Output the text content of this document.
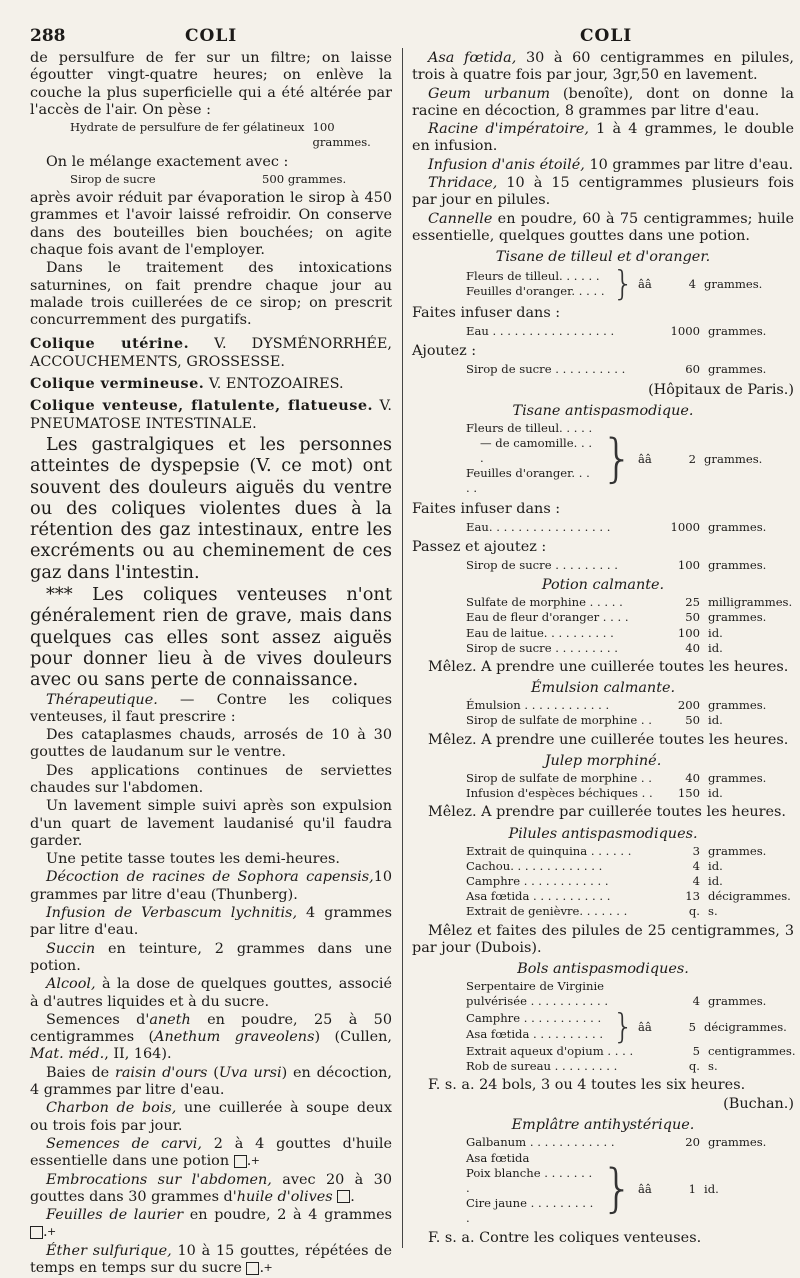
288	COLI	COLI

de persulfure de fer sur un filtre; on laisse égoutter vingt-quatre heures; on enlève la couche la plus superficielle qui a été altérée par l'accès de l'air. On pèse :

Hydrate de persulfure de fer gélatineux 100 grammes.

On le mélange exactement avec :

Sirop de sucre	500 grammes.

après avoir réduit par évaporation le sirop à 450 grammes et l'avoir laissé refroidir. On conserve dans des bouteilles bien bouchées; on agite chaque fois avant de l'employer.

Dans le traitement des intoxications saturnines, on fait prendre chaque jour au malade trois cuillerées de ce sirop; on prescrit concurremment des purgatifs.

Colique utérine. V. DYSMÉNORRHÉE, ACCOUCHEMENTS, GROSSESSE.

Colique vermineuse. V. ENTOZOAIRES.

Colique venteuse, flatulente, flatueuse. V. PNEUMATOSE INTESTINALE.

Les gastralgiques et les personnes atteintes de dyspepsie (V. ce mot) ont souvent des douleurs aiguës du ventre ou des coliques violentes dues à la rétention des gaz intestinaux, entre les excréments ou au cheminement de ces gaz dans l'intestin.

*** Les coliques venteuses n'ont généralement rien de grave, mais dans quelques cas elles sont assez aiguës pour donner lieu à de vives douleurs avec ou sans perte de connaissance.

Thérapeutique. — Contre les coliques venteuses, il faut prescrire :

Des cataplasmes chauds, arrosés de 10 à 30 gouttes de laudanum sur le ventre.

Des applications continues de serviettes chaudes sur l'abdomen.

Un lavement simple suivi après son expulsion d'un quart de lavement laudanisé qu'il faudra garder.

Une petite tasse toutes les demi-heures.

Décoction de racines de Sophora capensis,10 grammes par litre d'eau (Thunberg).

Infusion de Verbascum lychnitis, 4 grammes par litre d'eau.

Succin en teinture, 2 grammes dans une potion.

Alcool, à la dose de quelques gouttes, associé à d'autres liquides et à du sucre.

Semences d'aneth en poudre, 25 à 50 centigrammes (Anethum graveolens) (Cullen, Mat. méd., II, 164).

Baies de raisin d'ours (Uva ursi) en décoction, 4 grammes par litre d'eau.

Charbon de bois, une cuillerée à soupe deux ou trois fois par jour.

Semences de carvi, 2 à 4 gouttes d'huile essentielle dans une potion +.

Embrocations sur l'abdomen, avec 20 à 30 gouttes dans 30 grammes d'huile d'olives .

Feuilles de laurier en poudre, 2 à 4 grammes +.

Éther sulfurique, 10 à 15 gouttes, répétées de temps en temps sur du sucre +.

Asa fœtida, 30 à 60 centigrammes en pilules, trois à quatre fois par jour, 3gr,50 en lavement.

Geum urbanum (benoîte), dont on donne la racine en décoction, 8 grammes par litre d'eau.

Racine d'impératoire, 1 à 4 grammes, le double en infusion.

Infusion d'anis étoilé, 10 grammes par litre d'eau.

Thridace, 10 à 15 centigrammes plusieurs fois par jour en pilules.

Cannelle en poudre, 60 à 75 centigrammes; huile essentielle, quelques gouttes dans une potion.

Tisane de tilleul et d'oranger.
Fleurs de tilleul. . . . . .
Feuilles d'oranger. . . . . } ââ	4 grammes.
Faites infuser dans :
Eau . . . . . . . . . . . . . . . . .	1000 grammes.
Ajoutez :
Sirop de sucre . . . . . . . . . .	60 grammes.
(Hôpitaux de Paris.)
Tisane antispasmodique.
Fleurs de tilleul. . . . .
— de camomille. . . .
Feuilles d'oranger. . . . .	} ââ	2 grammes.
Faites infuser dans :
Eau. . . . . . . . . . . . . . . . .	1000 grammes.
Passez et ajoutez :
Sirop de sucre . . . . . . . . .	100 grammes.
Potion calmante.
Sulfate de morphine . . . . .	25 milligrammes.
Eau de fleur d'oranger . . . .	50 grammes.
Eau de laitue. . . . . . . . . .	100 id.
Sirop de sucre . . . . . . . . .	40 id.

Mêlez. A prendre une cuillerée toutes les heures.

Émulsion calmante.
Émulsion . . . . . . . . . . . .	200 grammes.
Sirop de sulfate de morphine . .	50 id.

Mêlez. A prendre une cuillerée toutes les heures.

Julep morphiné.
Sirop de sulfate de morphine . .	40 grammes.
Infusion d'espèces béchiques . .	150 id.

Mêlez. A prendre par cuillerée toutes les heures.

Pilules antispasmodiques.
Extrait de quinquina . . . . . .	3 grammes.
Cachou. . . . . . . . . . . . .	4 id.
Camphre . . . . . . . . . . . .	4 id.
Asa fœtida . . . . . . . . . . .	13 décigrammes.
Extrait de genièvre. . . . . . .	q. s.

Mêlez et faites des pilules de 25 centigrammes, 3 par jour (Dubois).

Bols antispasmodiques.
Serpentaire de Virginie pulvérisée . . . . . . . . . . .	4 grammes.
Camphre . . . . . . . . . . .
Asa fœtida . . . . . . . . . . } ââ	5 décigrammes.
Extrait aqueux d'opium . . . .	5 centigrammes.
Rob de sureau . . . . . . . . .	q. s.

F. s. a. 24 bols, 3 ou 4 toutes les six heures.

(Buchan.)
Emplâtre antihystérique.
Galbanum . . . . . . . . . . . .	20 grammes.
Asa fœtida
Poix blanche . . . . . . . .
Cire jaune . . . . . . . . . .	} ââ	1 id.

F. s. a. Contre les coliques venteuses.
